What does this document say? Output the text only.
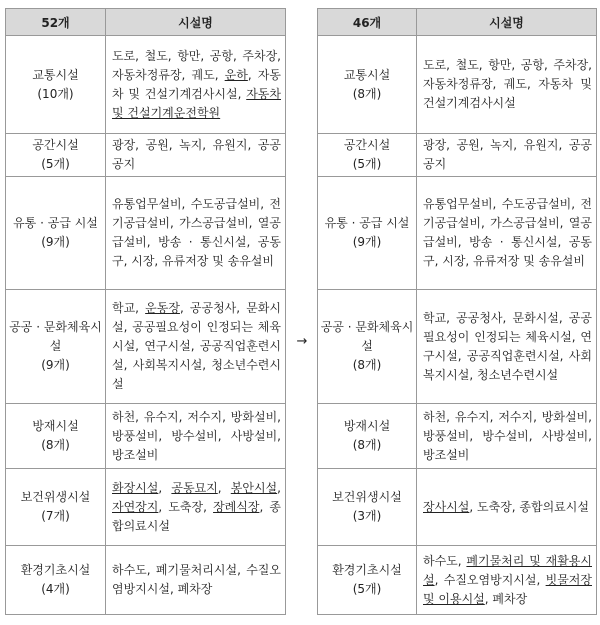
52개	시설명

교통시설
(10개)	도로, 철도, 항만, 공항, 주차장, 자동차정류장, 궤도, 운하, 자동차 및 건설기계검사시설, 자동차 및 건설기계운전학원

공간시설
(5개)	광장, 공원, 녹지, 유원지, 공공공지

유통 · 공급 시설
(9개)	유통업무설비, 수도공급설비, 전기공급설비, 가스공급설비, 열공급설비, 방송 · 통신시설, 공동구, 시장, 유류저장 및 송유설비

공공 · 문화체육시설
(9개)	학교, 운동장, 공공청사, 문화시설, 공공필요성이 인정되는 체육시설, 연구시설, 공공직업훈련시설, 사회복지시설, 청소년수련시설

방재시설
(8개)	하천, 유수지, 저수지, 방화설비, 방풍설비, 방수설비, 사방설비, 방조설비

보건위생시설
(7개)	화장시설, 공동묘지, 봉안시설, 자연장지, 도축장, 장례식장, 종합의료시설

환경기초시설
(4개)	하수도, 폐기물처리시설, 수질오염방지시설, 폐차장
→
46개	시설명

교통시설
(8개)	도로, 철도, 항만, 공항, 주차장, 자동차정류장, 궤도, 자동차 및 건설기계검사시설

공간시설
(5개)	광장, 공원, 녹지, 유원지, 공공공지

유통 · 공급 시설
(9개)	유통업무설비, 수도공급설비, 전기공급설비, 가스공급설비, 열공급설비, 방송 · 통신시설, 공동구, 시장, 유류저장 및 송유설비

공공 · 문화체육시설
(8개)	학교, 공공청사, 문화시설, 공공필요성이 인정되는 체육시설, 연구시설, 공공직업훈련시설, 사회복지시설, 청소년수련시설

방재시설
(8개)	하천, 유수지, 저수지, 방화설비, 방풍설비, 방수설비, 사방설비, 방조설비

보건위생시설
(3개)	장사시설, 도축장, 종합의료시설

환경기초시설
(5개)	하수도, 폐기물처리 및 재활용시설, 수질오염방지시설, 빗물저장 및 이용시설, 폐차장
